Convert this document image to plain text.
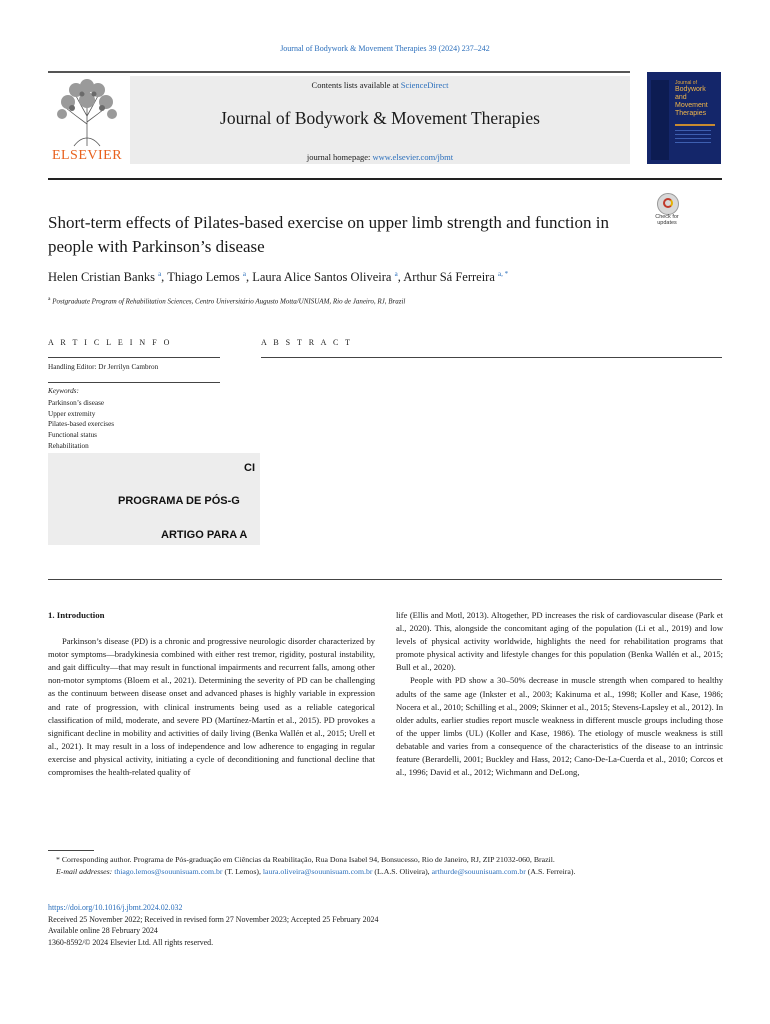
Journal of Bodywork & Movement Therapies 39 (2024) 237–242
ELSEVIER
Contents lists available at ScienceDirect
Journal of Bodywork & Movement Therapies
journal homepage: www.elsevier.com/jbmt
Journal of
Bodywork
and
Movement
Therapies
Short-term effects of Pilates-based exercise on upper limb strength and function in people with Parkinson’s disease
Check for
updates
Helen Cristian Banks $^a$, Thiago Lemos $^a$, Laura Alice Santos Oliveira $^a$, Arthur Sá Ferreira $^{a, *}$
$^a$ Postgraduate Program of Rehabilitation Sciences, Centro Universitário Augusto Motta/UNISUAM, Rio de Janeiro, RJ, Brazil
A R T I C L E I N F O	A B S T R A C T
Handling Editor: Dr Jerrilyn Cambron
Keywords:
Parkinson’s disease
Upper extremity
Pilates-based exercises
Functional status
Rehabilitation
CI
PROGRAMA DE PÓS-G
ARTIGO PARA A
1. Introduction

Parkinson’s disease (PD) is a chronic and progressive neurologic disorder characterized by motor symptoms—bradykinesia combined with either rest tremor, rigidity, postural instability, and gait difficulty—that may result in functional impairments and recurrent falls, among other non-motor symptoms (Bloem et al., 2021). Determining the severity of PD can be challenging as the continuum between disease onset and advanced phases is highly variable in expression and rate of progression, with clinical instruments being used as a reliable categorical classification of mild, moderate, and severe PD (Martínez-Martín et al., 2015). PD provokes a significant decline in mobility and activities of daily living (Benka Wallén et al., 2015; Urell et al., 2021). It may result in a loss of independence and low adherence to engaging in regular exercise and physical activity, initiating a cycle of deconditioning and functional decline that compromises the health-related quality of

life (Ellis and Motl, 2013). Altogether, PD increases the risk of cardiovascular disease (Park et al., 2020). This, alongside the concomitant aging of the population (Li et al., 2019) and low levels of physical activity worldwide, highlights the need for rehabilitation programs that promote physical activity and lifestyle changes for this population (Benka Wallén et al., 2015; Bull et al., 2020).

People with PD show a 30–50% decrease in muscle strength when compared to healthy adults of the same age (Inkster et al., 2003; Kakinuma et al., 1998; Koller and Kase, 1986; Nocera et al., 2010; Schilling et al., 2009; Skinner et al., 2015; Stevens-Lapsley et al., 2012). In older adults, earlier studies report muscle weakness in different muscle groups including those of the upper limbs (UL) (Koller and Kase, 1986). The etiology of muscle weakness is still debatable and varies from a consequence of the characteristics of the disease to an intrinsic feature (Berardelli, 2001; Buckley and Hass, 2012; Cano-De-La-Cuerda et al., 2010; Corcos et al., 1996; David et al., 2012; Wichmann and DeLong,

* Corresponding author. Programa de Pós-graduação em Ciências da Reabilitação, Rua Dona Isabel 94, Bonsucesso, Rio de Janeiro, RJ, ZIP 21032-060, Brazil.
E-mail addresses: thiago.lemos@souunisuam.com.br (T. Lemos), laura.oliveira@souunisuam.com.br (L.A.S. Oliveira), arthurde@souunisuam.com.br (A.S. Ferreira).
https://doi.org/10.1016/j.jbmt.2024.02.032
Received 25 November 2022; Received in revised form 27 November 2023; Accepted 25 February 2024
Available online 28 February 2024
1360-8592/© 2024 Elsevier Ltd. All rights reserved.
